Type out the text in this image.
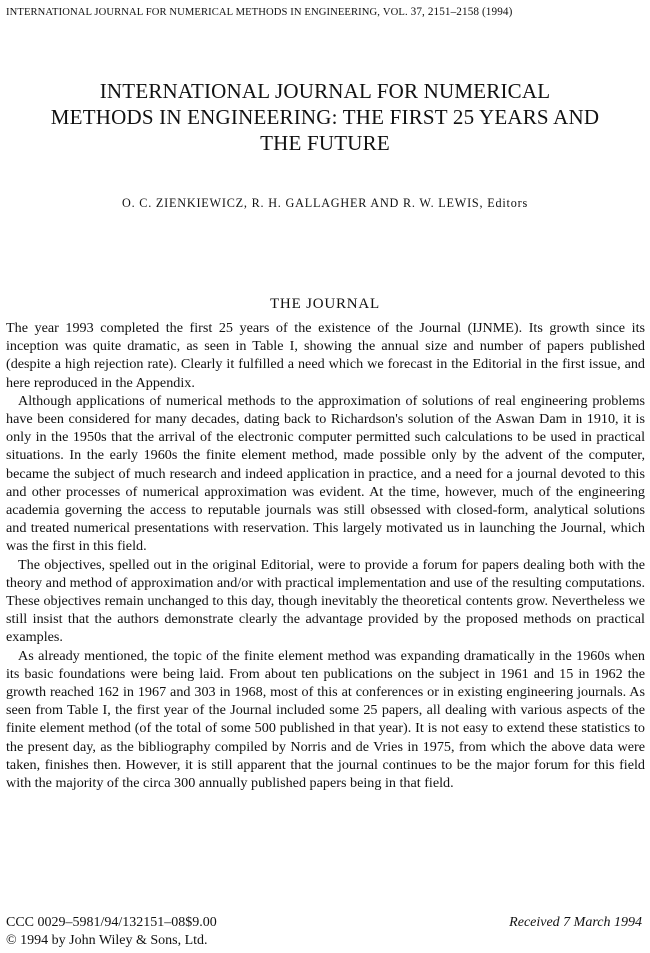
INTERNATIONAL JOURNAL FOR NUMERICAL METHODS IN ENGINEERING, VOL. 37, 2151–2158 (1994)
INTERNATIONAL JOURNAL FOR NUMERICAL
METHODS IN ENGINEERING: THE FIRST 25 YEARS AND
THE FUTURE
O. C. ZIENKIEWICZ, R. H. GALLAGHER AND R. W. LEWIS, Editors
THE JOURNAL

The year 1993 completed the first 25 years of the existence of the Journal (IJNME). Its growth since its inception was quite dramatic, as seen in Table I, showing the annual size and number of papers published (despite a high rejection rate). Clearly it fulfilled a need which we forecast in the Editorial in the first issue, and here reproduced in the Appendix.

Although applications of numerical methods to the approximation of solutions of real engineering problems have been considered for many decades, dating back to Richardson's solution of the Aswan Dam in 1910, it is only in the 1950s that the arrival of the electronic computer permitted such calculations to be used in practical situations. In the early 1960s the finite element method, made possible only by the advent of the computer, became the subject of much research and indeed application in practice, and a need for a journal devoted to this and other processes of numerical approximation was evident. At the time, however, much of the engineering academia governing the access to reputable journals was still obsessed with closed-form, analytical solutions and treated numerical presentations with reservation. This largely motivated us in launching the Journal, which was the first in this field.

The objectives, spelled out in the original Editorial, were to provide a forum for papers dealing both with the theory and method of approximation and/or with practical implementation and use of the resulting computations. These objectives remain unchanged to this day, though inevitably the theoretical contents grow. Nevertheless we still insist that the authors demonstrate clearly the advantage provided by the proposed methods on practical examples.

As already mentioned, the topic of the finite element method was expanding dramatically in the 1960s when its basic foundations were being laid. From about ten publications on the subject in 1961 and 15 in 1962 the growth reached 162 in 1967 and 303 in 1968, most of this at conferences or in existing engineering journals. As seen from Table I, the first year of the Journal included some 25 papers, all dealing with various aspects of the finite element method (of the total of some 500 published in that year). It is not easy to extend these statistics to the present day, as the bibliography compiled by Norris and de Vries in 1975, from which the above data were taken, finishes then. However, it is still apparent that the journal continues to be the major forum for this field with the majority of the circa 300 annually published papers being in that field.

CCC 0029–5981/94/132151–08$9.00
© 1994 by John Wiley & Sons, Ltd.
Received 7 March 1994
